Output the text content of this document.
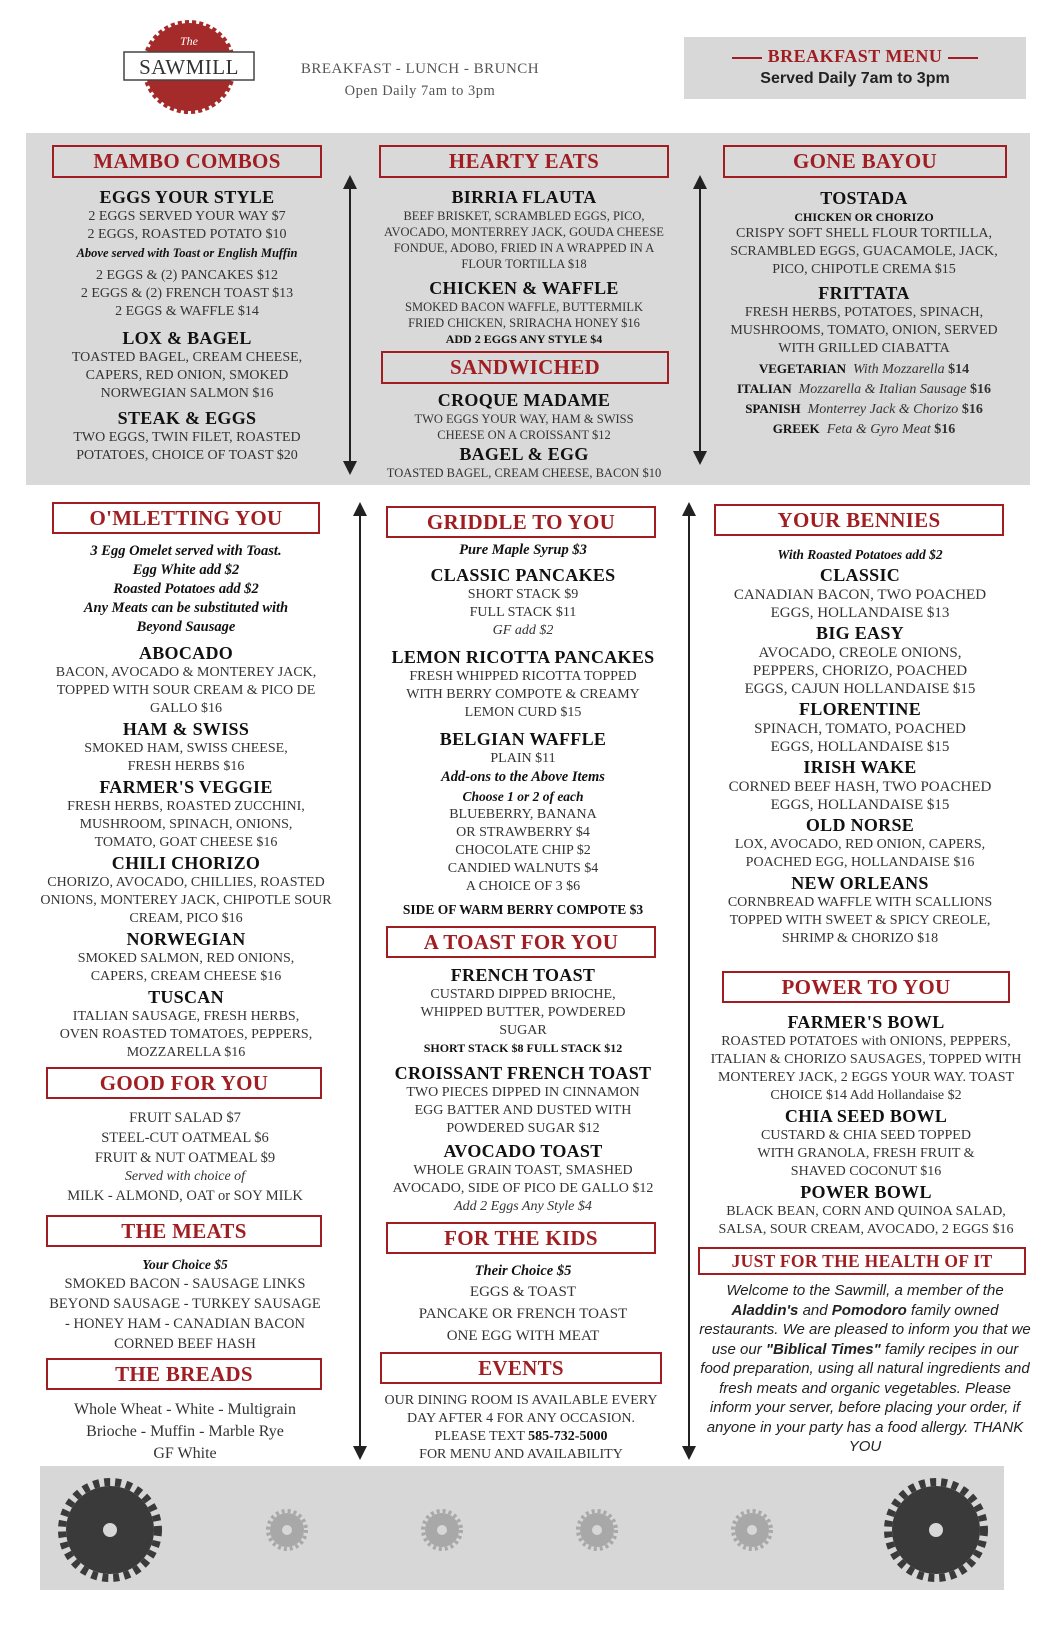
The
SAWMILL	BREAKFAST - LUNCH - BRUNCH
Open Daily 7am to 3pm
BREAKFAST MENU
Served Daily 7am to 3pm
MAMBO COMBOS
EGGS YOUR STYLE
2 EGGS SERVED YOUR WAY $7
2 EGGS, ROASTED POTATO $10
Above served with Toast or English Muffin
2 EGGS & (2) PANCAKES $12
2 EGGS & (2) FRENCH TOAST $13
2 EGGS & WAFFLE $14
LOX & BAGEL
TOASTED BAGEL, CREAM CHEESE, CAPERS, RED ONION, SMOKED NORWEGIAN SALMON $16
STEAK & EGGS
TWO EGGS, TWIN FILET, ROASTED POTATOES, CHOICE OF TOAST $20
HEARTY EATS
BIRRIA FLAUTA
BEEF BRISKET, SCRAMBLED EGGS, PICO, AVOCADO, MONTERREY JACK, GOUDA CHEESE FONDUE, ADOBO, FRIED IN A WRAPPED IN A FLOUR TORTILLA $18
CHICKEN & WAFFLE
SMOKED BACON WAFFLE, BUTTERMILK FRIED CHICKEN, SRIRACHA HONEY $16
ADD 2 EGGS ANY STYLE $4
SANDWICHED
CROQUE MADAME
TWO EGGS YOUR WAY, HAM & SWISS CHEESE ON A CROISSANT $12
BAGEL & EGG
TOASTED BAGEL, CREAM CHEESE, BACON $10
GONE BAYOU
TOSTADA
CHICKEN OR CHORIZO
CRISPY SOFT SHELL FLOUR TORTILLA, SCRAMBLED EGGS, GUACAMOLE, JACK, PICO, CHIPOTLE CREMA $15
FRITTATA
FRESH HERBS, POTATOES, SPINACH, MUSHROOMS, TOMATO, ONION, SERVED WITH GRILLED CIABATTA
VEGETARIAN With Mozzarella $14
ITALIAN Mozzarella & Italian Sausage $16
SPANISH Monterrey Jack & Chorizo $16
GREEK Feta & Gyro Meat $16
O'MLETTING YOU
3 Egg Omelet served with Toast.
Egg White add $2
Roasted Potatoes add $2
Any Meats can be substituted with
Beyond Sausage
ABOCADO
BACON, AVOCADO & MONTEREY JACK, TOPPED WITH SOUR CREAM & PICO DE GALLO $16
HAM & SWISS
SMOKED HAM, SWISS CHEESE, FRESH HERBS $16
FARMER'S VEGGIE
FRESH HERBS, ROASTED ZUCCHINI, MUSHROOM, SPINACH, ONIONS, TOMATO, GOAT CHEESE $16
CHILI CHORIZO
CHORIZO, AVOCADO, CHILLIES, ROASTED ONIONS, MONTEREY JACK, CHIPOTLE SOUR CREAM, PICO $16
NORWEGIAN
SMOKED SALMON, RED ONIONS, CAPERS, CREAM CHEESE $16
TUSCAN
ITALIAN SAUSAGE, FRESH HERBS, OVEN ROASTED TOMATOES, PEPPERS, MOZZARELLA $16
GOOD FOR YOU
FRUIT SALAD $7
STEEL-CUT OATMEAL $6
FRUIT & NUT OATMEAL $9
Served with choice of
MILK - ALMOND, OAT or SOY MILK
THE MEATS
Your Choice $5
SMOKED BACON - SAUSAGE LINKS
BEYOND SAUSAGE - TURKEY SAUSAGE
- HONEY HAM - CANADIAN BACON
CORNED BEEF HASH
THE BREADS
Whole Wheat - White - Multigrain
Brioche - Muffin - Marble Rye
GF White
GRIDDLE TO YOU
Pure Maple Syrup $3
CLASSIC PANCAKES
SHORT STACK $9
FULL STACK $11
GF add $2
LEMON RICOTTA PANCAKES
FRESH WHIPPED RICOTTA TOPPED WITH BERRY COMPOTE & CREAMY LEMON CURD $15
BELGIAN WAFFLE
PLAIN $11
Add-ons to the Above Items
Choose 1 or 2 of each
BLUEBERRY, BANANA
OR STRAWBERRY $4
CHOCOLATE CHIP $2
CANDIED WALNUTS $4
A CHOICE OF 3 $6
SIDE OF WARM BERRY COMPOTE $3
A TOAST FOR YOU
FRENCH TOAST
CUSTARD DIPPED BRIOCHE, WHIPPED BUTTER, POWDERED SUGAR
SHORT STACK $8 FULL STACK $12
CROISSANT FRENCH TOAST
TWO PIECES DIPPED IN CINNAMON EGG BATTER AND DUSTED WITH POWDERED SUGAR $12
AVOCADO TOAST
WHOLE GRAIN TOAST, SMASHED AVOCADO, SIDE OF PICO DE GALLO $12
Add 2 Eggs Any Style $4
FOR THE KIDS
Their Choice $5
EGGS & TOAST
PANCAKE OR FRENCH TOAST
ONE EGG WITH MEAT
EVENTS
OUR DINING ROOM IS AVAILABLE EVERY
DAY AFTER 4 FOR ANY OCCASION.
PLEASE TEXT 585-732-5000
FOR MENU AND AVAILABILITY
YOUR BENNIES
With Roasted Potatoes add $2
CLASSIC
CANADIAN BACON, TWO POACHED EGGS, HOLLANDAISE $13
BIG EASY
AVOCADO, CREOLE ONIONS, PEPPERS, CHORIZO, POACHED EGGS, CAJUN HOLLANDAISE $15
FLORENTINE
SPINACH, TOMATO, POACHED EGGS, HOLLANDAISE $15
IRISH WAKE
CORNED BEEF HASH, TWO POACHED EGGS, HOLLANDAISE $15
OLD NORSE
LOX, AVOCADO, RED ONION, CAPERS, POACHED EGG, HOLLANDAISE $16
NEW ORLEANS
CORNBREAD WAFFLE WITH SCALLIONS TOPPED WITH SWEET & SPICY CREOLE, SHRIMP & CHORIZO $18
POWER TO YOU
FARMER'S BOWL
ROASTED POTATOES with ONIONS, PEPPERS, ITALIAN & CHORIZO SAUSAGES, TOPPED WITH MONTEREY JACK, 2 EGGS YOUR WAY. TOAST CHOICE $14 Add Hollandaise $2
CHIA SEED BOWL
CUSTARD & CHIA SEED TOPPED WITH GRANOLA, FRESH FRUIT & SHAVED COCONUT $16
POWER BOWL
BLACK BEAN, CORN AND QUINOA SALAD, SALSA, SOUR CREAM, AVOCADO, 2 EGGS $16
JUST FOR THE HEALTH OF IT
Welcome to the Sawmill, a member of the Aladdin's and Pomodoro family owned restaurants. We are pleased to inform you that we use our "Biblical Times" family recipes in our food preparation, using all natural ingredients and fresh meats and organic vegetables. Please inform your server, before placing your order, if anyone in your party has a food allergy. THANK YOU
